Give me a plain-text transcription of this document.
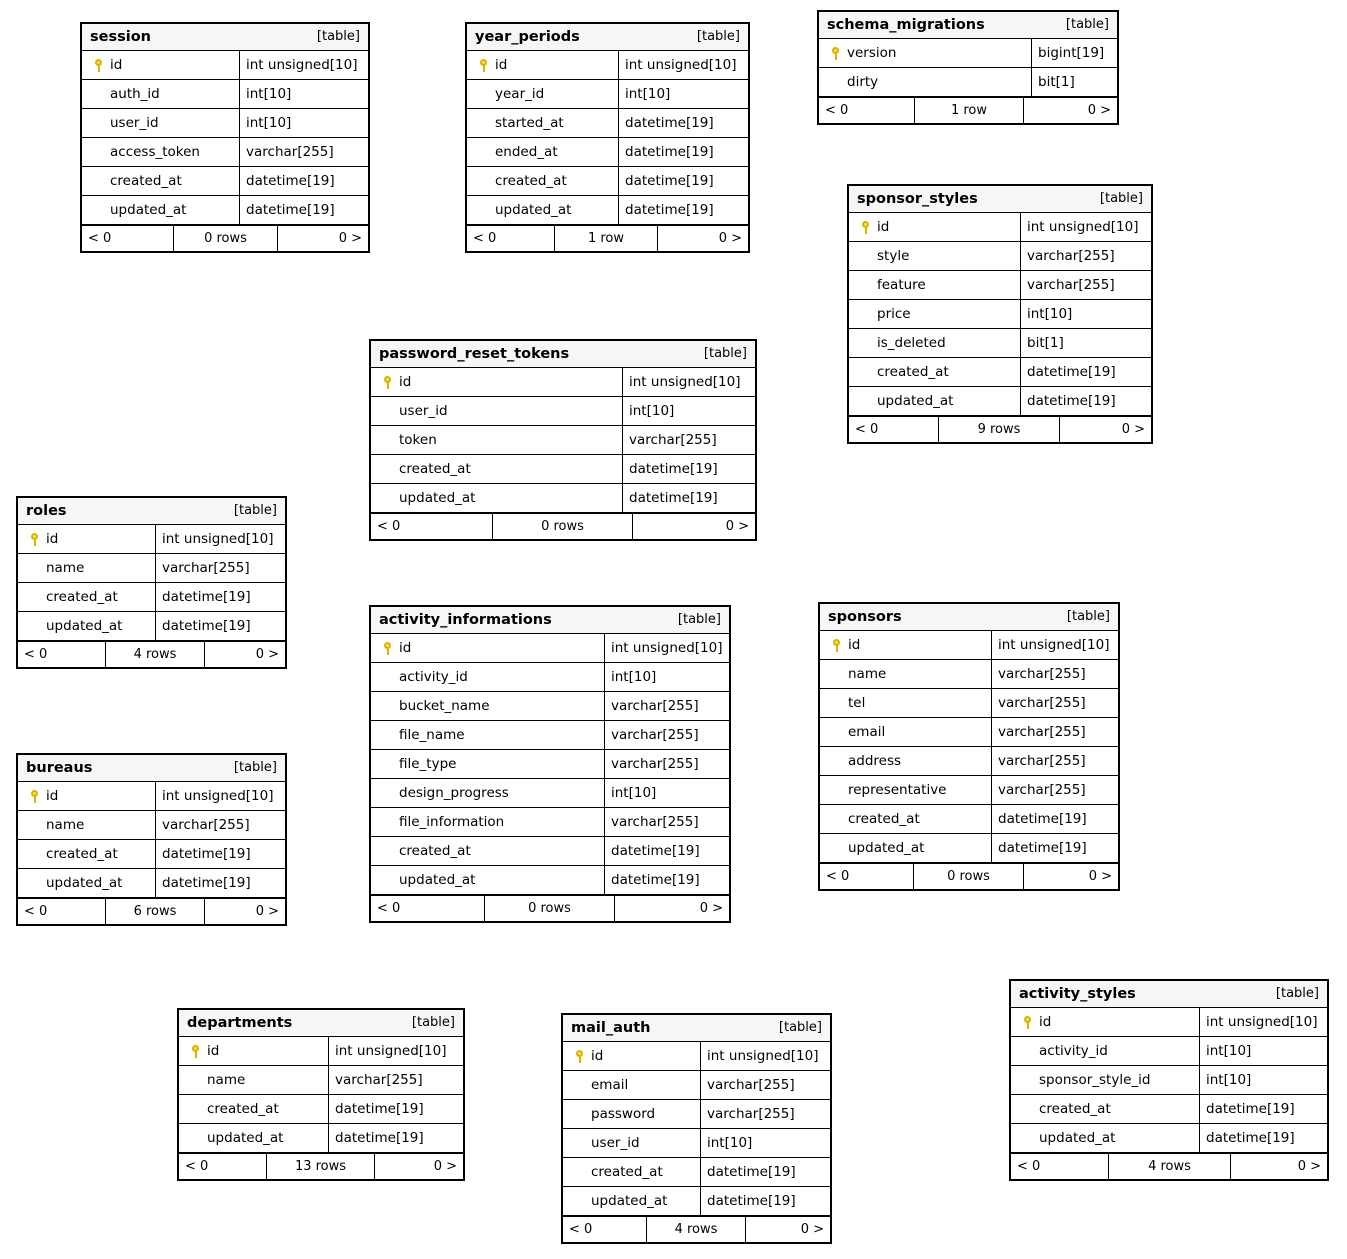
session	[table]
id	int unsigned[10]
auth_id	int[10]
user_id	int[10]
access_token	varchar[255]
created_at	datetime[19]
updated_at	datetime[19]
< 0	0 rows	0 >
year_periods	[table]
id	int unsigned[10]
year_id	int[10]
started_at	datetime[19]
ended_at	datetime[19]
created_at	datetime[19]
updated_at	datetime[19]
< 0	1 row	0 >
schema_migrations	[table]
version	bigint[19]
dirty	bit[1]
< 0	1 row	0 >
sponsor_styles	[table]
id	int unsigned[10]
style	varchar[255]
feature	varchar[255]
price	int[10]
is_deleted	bit[1]
created_at	datetime[19]
updated_at	datetime[19]
< 0	9 rows	0 >
password_reset_tokens	[table]
id	int unsigned[10]
user_id	int[10]
token	varchar[255]
created_at	datetime[19]
updated_at	datetime[19]
< 0	0 rows	0 >
roles	[table]
id	int unsigned[10]
name	varchar[255]
created_at	datetime[19]
updated_at	datetime[19]
< 0	4 rows	0 >
activity_informations	[table]
id	int unsigned[10]
activity_id	int[10]
bucket_name	varchar[255]
file_name	varchar[255]
file_type	varchar[255]
design_progress	int[10]
file_information	varchar[255]
created_at	datetime[19]
updated_at	datetime[19]
< 0	0 rows	0 >
sponsors	[table]
id	int unsigned[10]
name	varchar[255]
tel	varchar[255]
email	varchar[255]
address	varchar[255]
representative	varchar[255]
created_at	datetime[19]
updated_at	datetime[19]
< 0	0 rows	0 >
bureaus	[table]
id	int unsigned[10]
name	varchar[255]
created_at	datetime[19]
updated_at	datetime[19]
< 0	6 rows	0 >
departments	[table]
id	int unsigned[10]
name	varchar[255]
created_at	datetime[19]
updated_at	datetime[19]
< 0	13 rows	0 >
mail_auth	[table]
id	int unsigned[10]
email	varchar[255]
password	varchar[255]
user_id	int[10]
created_at	datetime[19]
updated_at	datetime[19]
< 0	4 rows	0 >
activity_styles	[table]
id	int unsigned[10]
activity_id	int[10]
sponsor_style_id	int[10]
created_at	datetime[19]
updated_at	datetime[19]
< 0	4 rows	0 >
